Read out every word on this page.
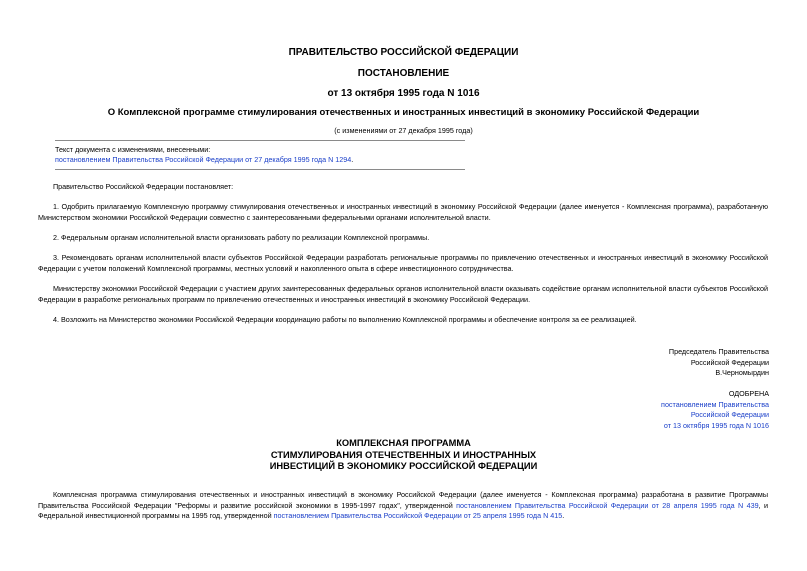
ПРАВИТЕЛЬСТВО РОССИЙСКОЙ ФЕДЕРАЦИИ
ПОСТАНОВЛЕНИЕ
от 13 октября 1995 года N 1016
О Комплексной программе стимулирования отечественных и иностранных инвестиций в экономику Российской Федерации
(с изменениями от 27 декабря 1995 года)
Текст документа с изменениями, внесенными:
постановлением Правительства Российской Федерации от 27 декабря 1995 года N 1294.
Правительство Российской Федерации постановляет:
1. Одобрить прилагаемую Комплексную программу стимулирования отечественных и иностранных инвестиций в экономику Российской Федерации (далее именуется - Комплексная программа), разработанную Министерством экономики Российской Федерации совместно с заинтересованными федеральными органами исполнительной власти.
2. Федеральным органам исполнительной власти организовать работу по реализации Комплексной программы.
3. Рекомендовать органам исполнительной власти субъектов Российской Федерации разработать региональные программы по привлечению отечественных и иностранных инвестиций в экономику Российской Федерации с учетом положений Комплексной программы, местных условий и накопленного опыта в сфере инвестиционного сотрудничества.
Министерству экономики Российской Федерации с участием других заинтересованных федеральных органов исполнительной власти оказывать содействие органам исполнительной власти субъектов Российской Федерации в разработке региональных программ по привлечению отечественных и иностранных инвестиций в экономику Российской Федерации.
4. Возложить на Министерство экономики Российской Федерации координацию работы по выполнению Комплексной программы и обеспечение контроля за ее реализацией.
Председатель Правительства
Российской Федерации
В.Черномырдин
ОДОБРЕНА
постановлением Правительства
Российской Федерации
от 13 октября 1995 года N 1016
КОМПЛЕКСНАЯ ПРОГРАММА
СТИМУЛИРОВАНИЯ ОТЕЧЕСТВЕННЫХ И ИНОСТРАННЫХ
ИНВЕСТИЦИЙ В ЭКОНОМИКУ РОССИЙСКОЙ ФЕДЕРАЦИИ
Комплексная программа стимулирования отечественных и иностранных инвестиций в экономику Российской Федерации (далее именуется - Комплексная программа) разработана в развитие Программы Правительства Российской Федерации "Реформы и развитие российской экономики в 1995-1997 годах", утвержденной постановлением Правительства Российской Федерации от 28 апреля 1995 года N 439, и Федеральной инвестиционной программы на 1995 год, утвержденной постановлением Правительства Российской Федерации от 25 апреля 1995 года N 415.
